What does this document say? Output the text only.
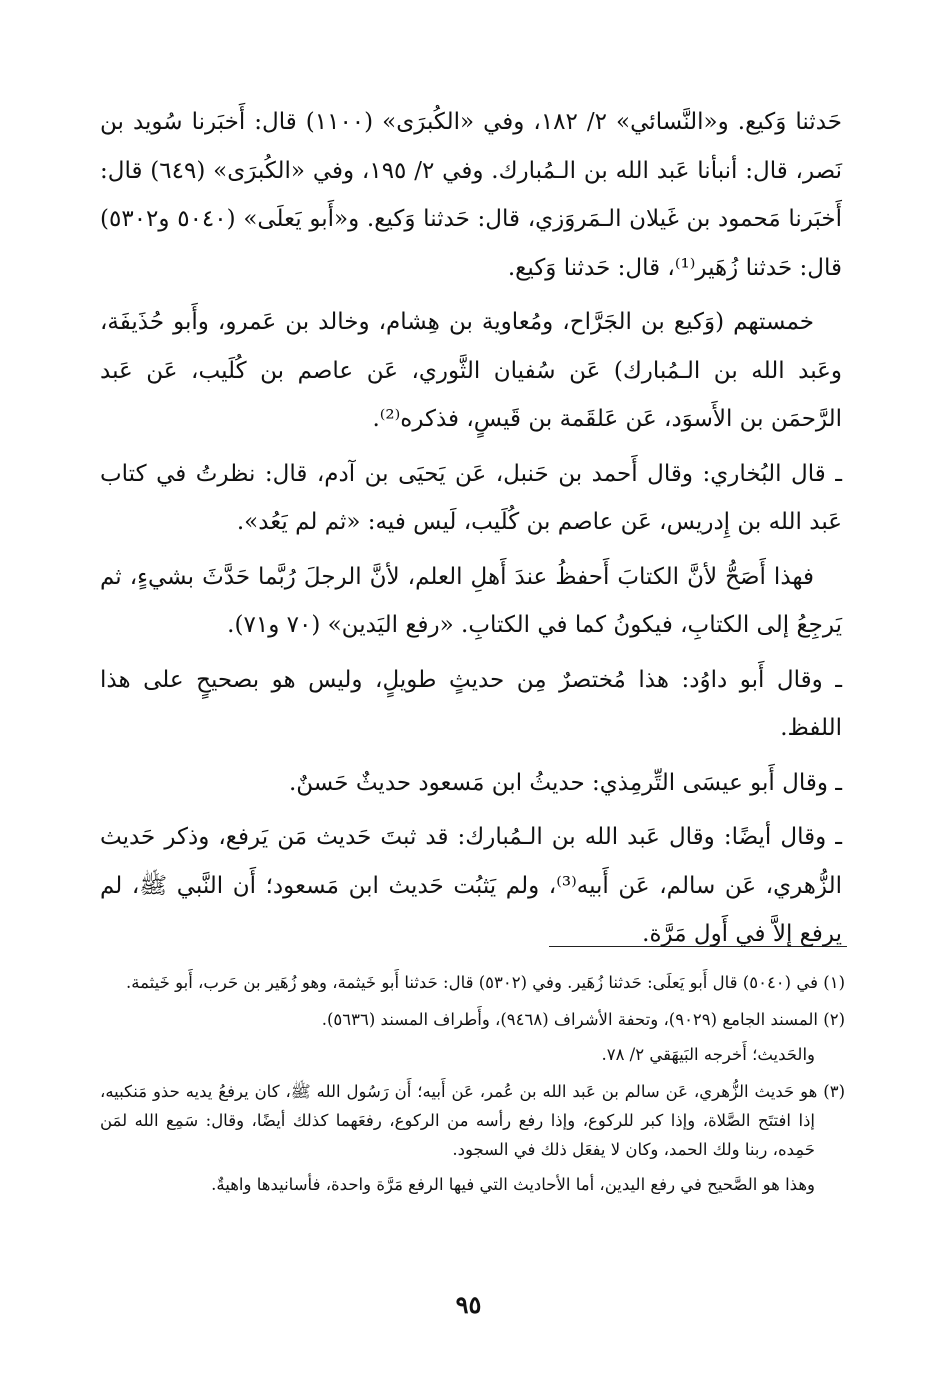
حَدثنا وَكيع. و«النَّسائي» ٢/ ١٨٢، وفي «الكُبرَى» (١١٠٠) قال: أَخبَرنا سُويد بن نَصر، قال: أنبأنا عَبد الله بن الـمُبارك. وفي ٢/ ١٩٥، وفي «الكُبرَى» (٦٤٩) قال: أَخبَرنا مَحمود بن غَيلان الـمَروَزي، قال: حَدثنا وَكيع. و«أَبو يَعلَى» (٥٠٤٠ و٥٣٠٢) قال: حَدثنا زُهَير⁽¹⁾، قال: حَدثنا وَكيع.

خمستهم (وَكيع بن الجَرَّاح، ومُعاوية بن هِشام، وخالد بن عَمرو، وأَبو حُذَيفَة، وعَبد الله بن الـمُبارك) عَن سُفيان الثَّوري، عَن عاصم بن كُلَيب، عَن عَبد الرَّحمَن بن الأَسوَد، عَن عَلقَمة بن قَيسٍ، فذكره⁽²⁾.

ـ قال البُخاري: وقال أَحمد بن حَنبل، عَن يَحيَى بن آدم، قال: نظرتُ في كتاب عَبد الله بن إِدريس، عَن عاصم بن كُلَيب، لَيس فيه: «ثم لم يَعُد».

فهذا أَصَحُّ لأنَّ الكتابَ أَحفظُ عندَ أَهلِ العلم، لأنَّ الرجلَ رُبَّما حَدَّثَ بشيءٍ، ثم يَرجِعُ إلى الكتابِ، فيكونُ كما في الكتابِ. «رفع اليَدين» (٧٠ و٧١).

ـ وقال أَبو داوُد: هذا مُختصرٌ مِن حديثٍ طويلٍ، وليس هو بصحيحٍ على هذا اللفظ.

ـ وقال أَبو عيسَى التِّرمِذي: حديثُ ابن مَسعود حديثٌ حَسنٌ.

ـ وقال أيضًا: وقال عَبد الله بن الـمُبارك: قد ثبتَ حَديث مَن يَرفع، وذكر حَديث الزُّهري، عَن سالم، عَن أَبيه⁽³⁾، ولم يَثبُت حَديث ابن مَسعود؛ أَن النَّبي ﷺ، لم يرفع إلاَّ في أَول مَرَّة.

(١) في (٥٠٤٠) قال أَبو يَعلَى: حَدثنا زُهَير. وفي (٥٣٠٢) قال: حَدثنا أَبو خَيثمة، وهو زُهَير بن حَرب، أَبو خَيثمة.

(٢) المسند الجامع (٩٠٢٩)، وتحفة الأشراف (٩٤٦٨)، وأَطراف المسند (٥٦٣٦).
والحَديث؛ أَخرجه البَيهَقي ٢/ ٧٨.

(٣) هو حَديث الزُّهري، عَن سالم بن عَبد الله بن عُمر، عَن أَبيه؛ أَن رَسُول الله ﷺ، كان يرفعُ يديه حذو مَنكبيه، إذا افتتَح الصَّلاة، وإذا كبر للركوع، وإذا رفع رأسه من الركوع، رفعَهما كذلك أيضًا، وقال: سَمِع الله لمَن حَمِده، ربنا ولك الحمد، وكان لا يفعَل ذلك في السجود.
وهذا هو الصَّحيح في رفع اليدين، أما الأحاديث التي فيها الرفع مَرَّة واحدة، فأسانيدها واهيةٌ.

٩٥
